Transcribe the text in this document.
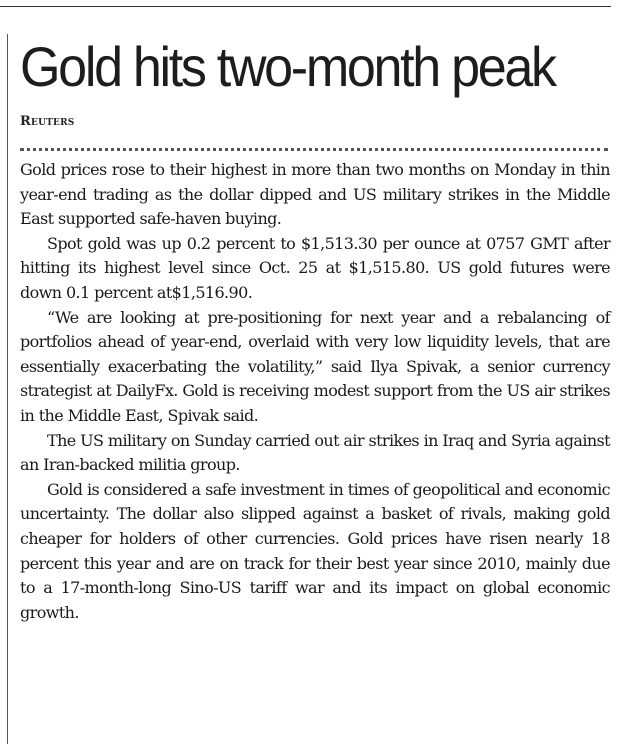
Gold hits two-month peak
Reuters

Gold prices rose to their highest in more than two months on Monday in thin year-end trading as the dollar dipped and US military strikes in the Middle East supported safe-haven buying.

Spot gold was up 0.2 percent to $1,513.30 per ounce at 0757 GMT after hitting its highest level since Oct. 25 at $1,515.80. US gold futures were down 0.1 percent at$1,516.90.

“We are looking at pre-positioning for next year and a rebalancing of portfolios ahead of year-end, overlaid with very low liquidity levels, that are essentially exacerbating the volatility,” said Ilya Spivak, a senior currency strategist at DailyFx. Gold is receiving modest support from the US air strikes in the Middle East, Spivak said.

The US military on Sunday carried out air strikes in Iraq and Syria against an Iran-backed militia group.

Gold is considered a safe investment in times of geopolitical and economic uncertainty. The dollar also slipped against a basket of rivals, making gold cheaper for holders of other currencies. Gold prices have risen nearly 18 percent this year and are on track for their best year since 2010, mainly due to a 17-month-long Sino-US tariff war and its impact on global economic growth.
